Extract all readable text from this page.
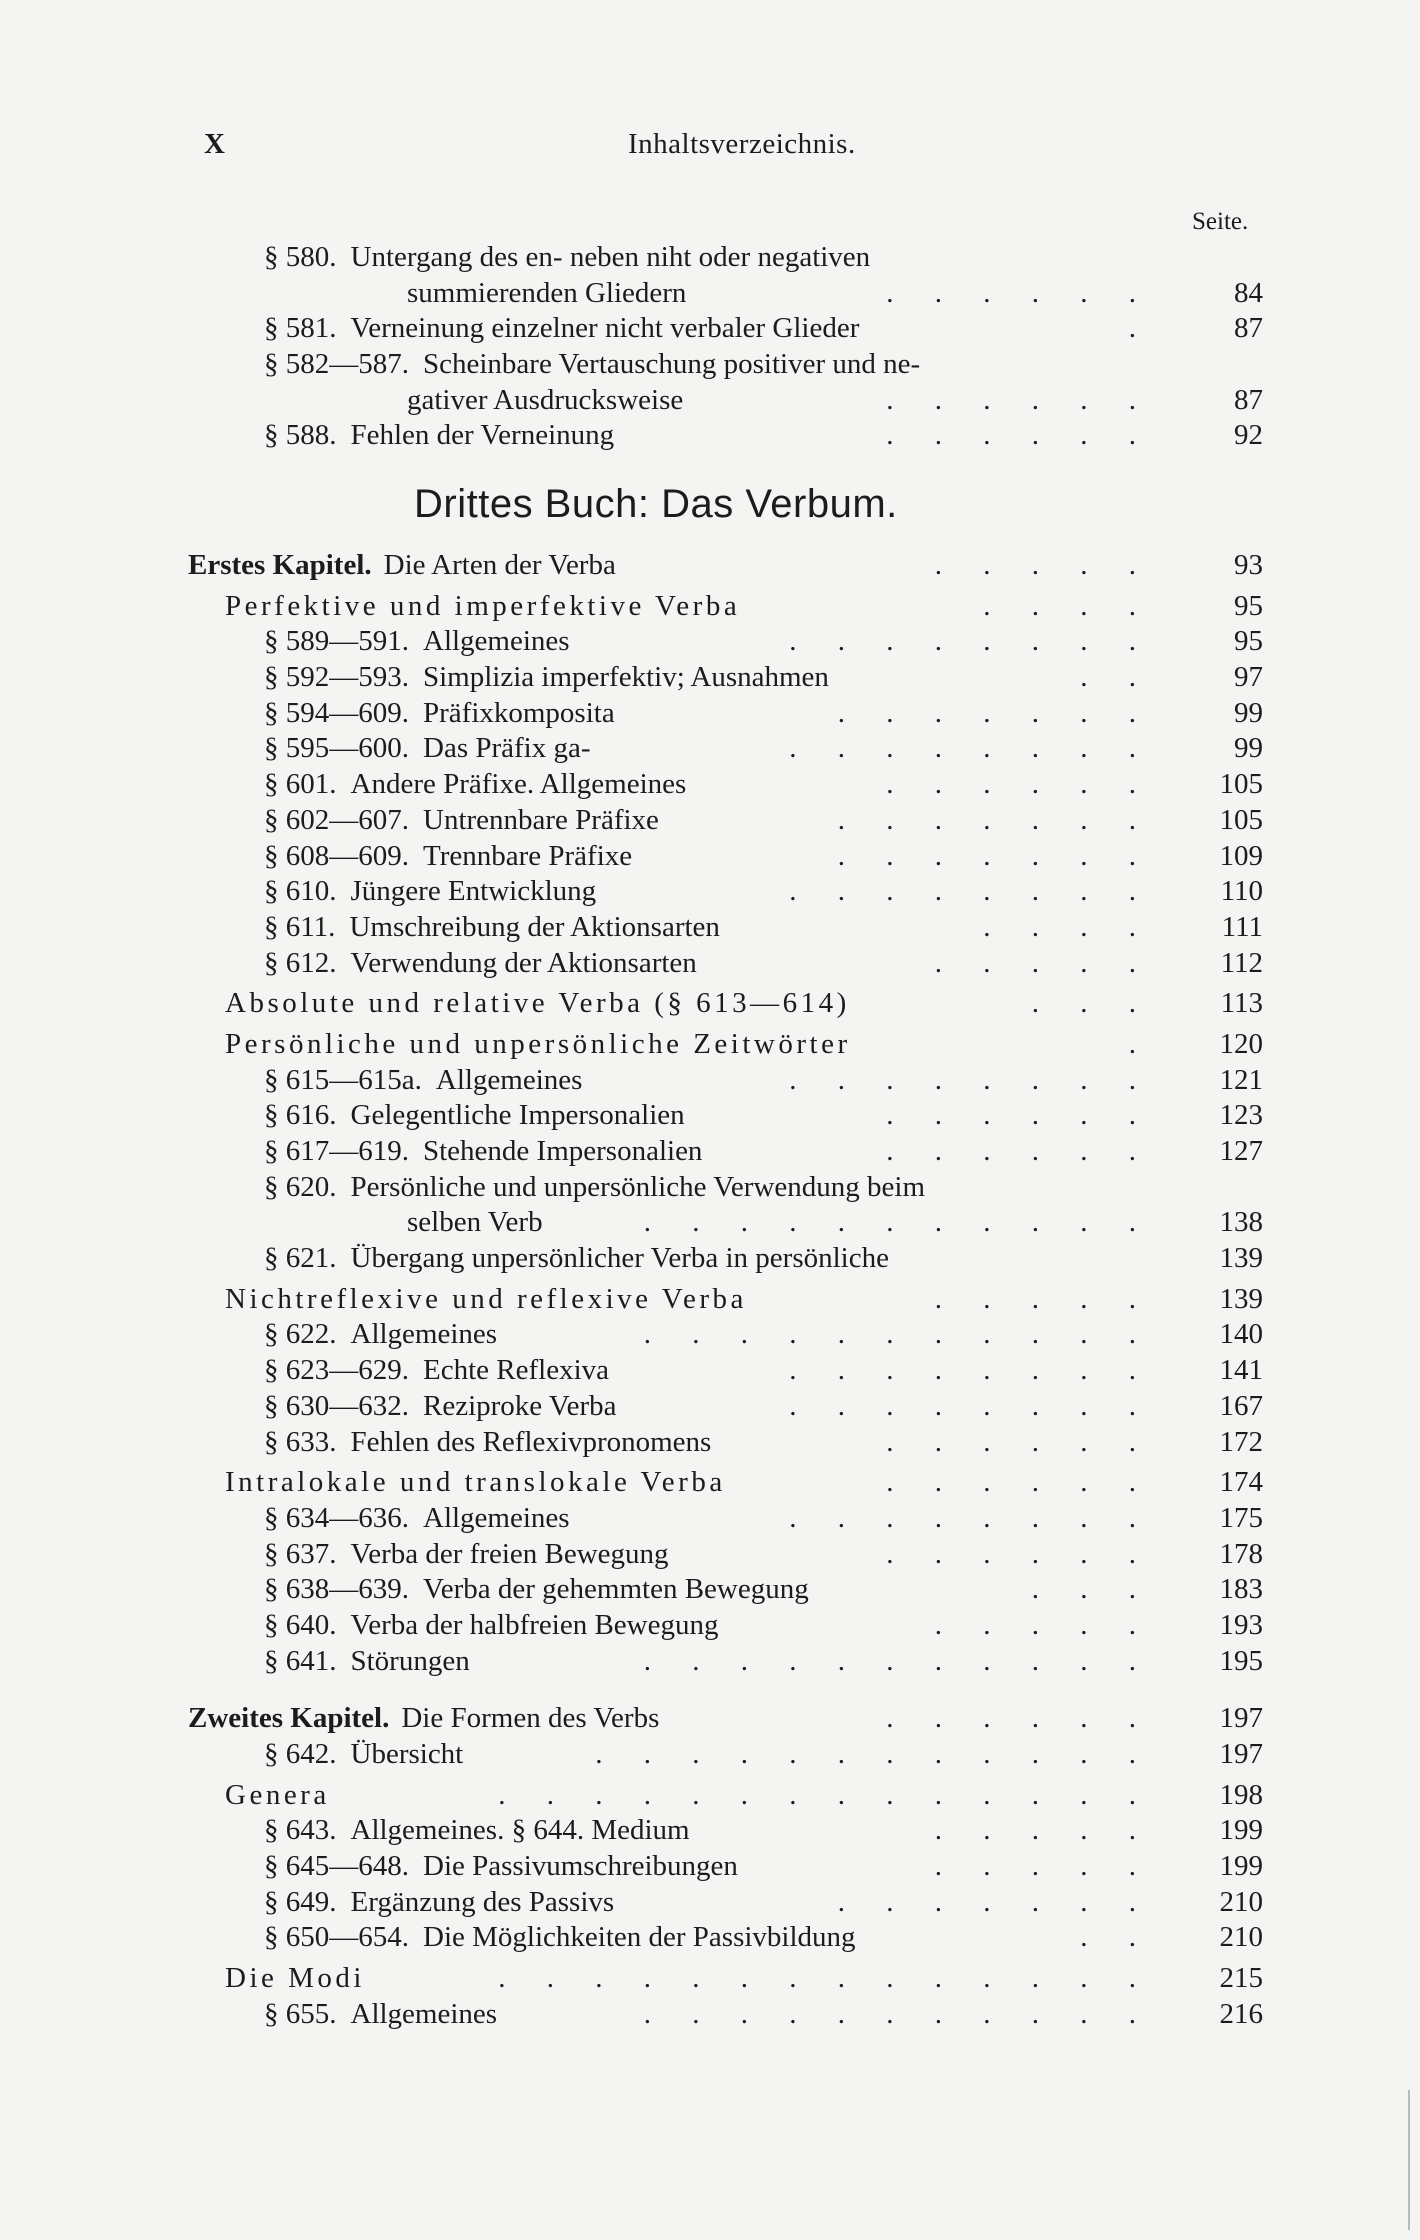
X	Inhaltsverzeichnis.
Seite.
§ 580. Untergang des en- neben niht oder negativen
summierenden Gliedern	. . . . . .	84
§ 581. Verneinung einzelner nicht verbaler Glieder	.	87
§ 582—587. Scheinbare Vertauschung positiver und ne-
gativer Ausdrucksweise	. . . . . .	87
§ 588. Fehlen der Verneinung	. . . . . .	92
Drittes Buch: Das Verbum.
Erstes Kapitel. Die Arten der Verba	. . . . .	93
Perfektive und imperfektive Verba	. . . .	95
§ 589—591. Allgemeines	. . . . . . . .	95
§ 592—593. Simplizia imperfektiv; Ausnahmen	. .	97
§ 594—609. Präfixkomposita	. . . . . . .	99
§ 595—600. Das Präfix ga-	. . . . . . . .	99
§ 601. Andere Präfixe. Allgemeines	. . . . . . 105
§ 602—607. Untrennbare Präfixe	. . . . . . . 105
§ 608—609. Trennbare Präfixe	. . . . . . . 109
§ 610. Jüngere Entwicklung	. . . . . . . . 110
§ 611. Umschreibung der Aktionsarten	. . . . 111
§ 612. Verwendung der Aktionsarten	. . . . . 112
Absolute und relative Verba (§ 613—614)	. . . 113
Persönliche und unpersönliche Zeitwörter	. 120
§ 615—615a. Allgemeines	. . . . . . . . 121
§ 616. Gelegentliche Impersonalien	. . . . . . 123
§ 617—619. Stehende Impersonalien	. . . . . . 127
§ 620. Persönliche und unpersönliche Verwendung beim
selben Verb	. . . . . . . . . . . 138
§ 621. Übergang unpersönlicher Verba in persönliche	139
Nichtreflexive und reflexive Verba	. . . . . 139
§ 622. Allgemeines	. . . . . . . . . . . 140
§ 623—629. Echte Reflexiva	. . . . . . . . 141
§ 630—632. Reziproke Verba	. . . . . . . . 167
§ 633. Fehlen des Reflexivpronomens	. . . . . . 172
Intralokale und translokale Verba	. . . . . . 174
§ 634—636. Allgemeines	. . . . . . . . 175
§ 637. Verba der freien Bewegung	. . . . . . 178
§ 638—639. Verba der gehemmten Bewegung	. . . 183
§ 640. Verba der halbfreien Bewegung	. . . . . 193
§ 641. Störungen	. . . . . . . . . . . 195
Zweites Kapitel. Die Formen des Verbs	. . . . . . 197
§ 642. Übersicht	. . . . . . . . . . . . 197
Genera	. . . . . . . . . . . . . . 198
§ 643. Allgemeines. § 644. Medium	. . . . . 199
§ 645—648. Die Passivumschreibungen	. . . . . 199
§ 649. Ergänzung des Passivs	. . . . . . . 210
§ 650—654. Die Möglichkeiten der Passivbildung	. . 210
Die Modi	. . . . . . . . . . . . . . 215
§ 655. Allgemeines	. . . . . . . . . . . 216
